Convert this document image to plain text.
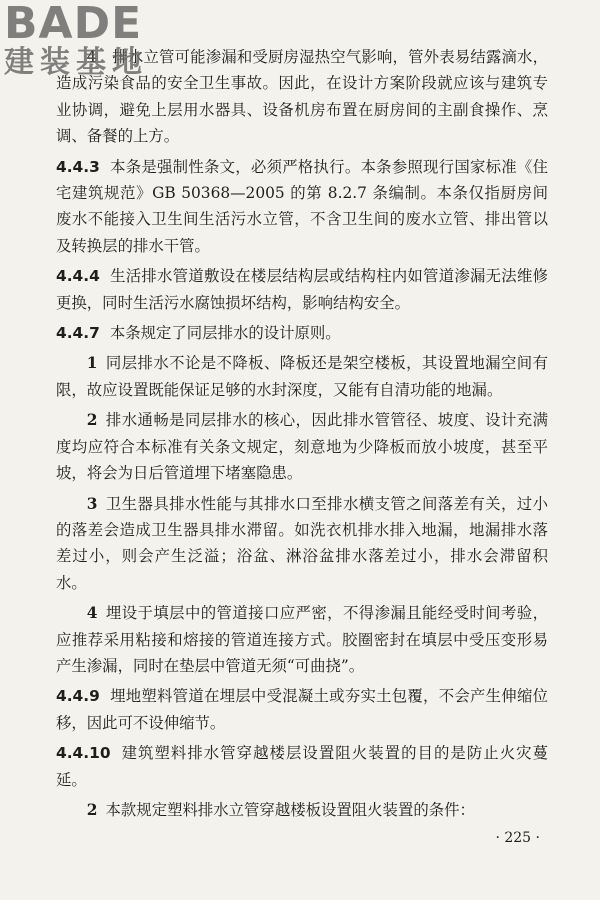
BADE
建装基地

4　排水立管可能渗漏和受厨房湿热空气影响，管外表易结露滴水，造成污染食品的安全卫生事故。因此，在设计方案阶段就应该与建筑专业协调，避免上层用水器具、设备机房布置在厨房间的主副食操作、烹调、备餐的上方。

4.4.3 本条是强制性条文，必须严格执行。本条参照现行国家标准《住宅建筑规范》GB 50368—2005 的第 8.2.7 条编制。本条仅指厨房间废水不能接入卫生间生活污水立管，不含卫生间的废水立管、排出管以及转换层的排水干管。

4.4.4 生活排水管道敷设在楼层结构层或结构柱内如管道渗漏无法维修更换，同时生活污水腐蚀损坏结构，影响结构安全。

4.4.7 本条规定了同层排水的设计原则。

1 同层排水不论是不降板、降板还是架空楼板，其设置地漏空间有限，故应设置既能保证足够的水封深度，又能有自清功能的地漏。

2 排水通畅是同层排水的核心，因此排水管管径、坡度、设计充满度均应符合本标准有关条文规定，刻意地为少降板而放小坡度，甚至平坡，将会为日后管道埋下堵塞隐患。

3 卫生器具排水性能与其排水口至排水横支管之间落差有关，过小的落差会造成卫生器具排水滞留。如洗衣机排水排入地漏，地漏排水落差过小，则会产生泛溢；浴盆、淋浴盆排水落差过小，排水会滞留积水。

4 埋设于填层中的管道接口应严密，不得渗漏且能经受时间考验，应推荐采用粘接和熔接的管道连接方式。胶圈密封在填层中受压变形易产生渗漏，同时在垫层中管道无须“可曲挠”。

4.4.9 埋地塑料管道在埋层中受混凝土或夯实土包覆，不会产生伸缩位移，因此可不设伸缩节。

4.4.10 建筑塑料排水管穿越楼层设置阻火装置的目的是防止火灾蔓延。

2 本款规定塑料排水立管穿越楼板设置阻火装置的条件：

· 225 ·
